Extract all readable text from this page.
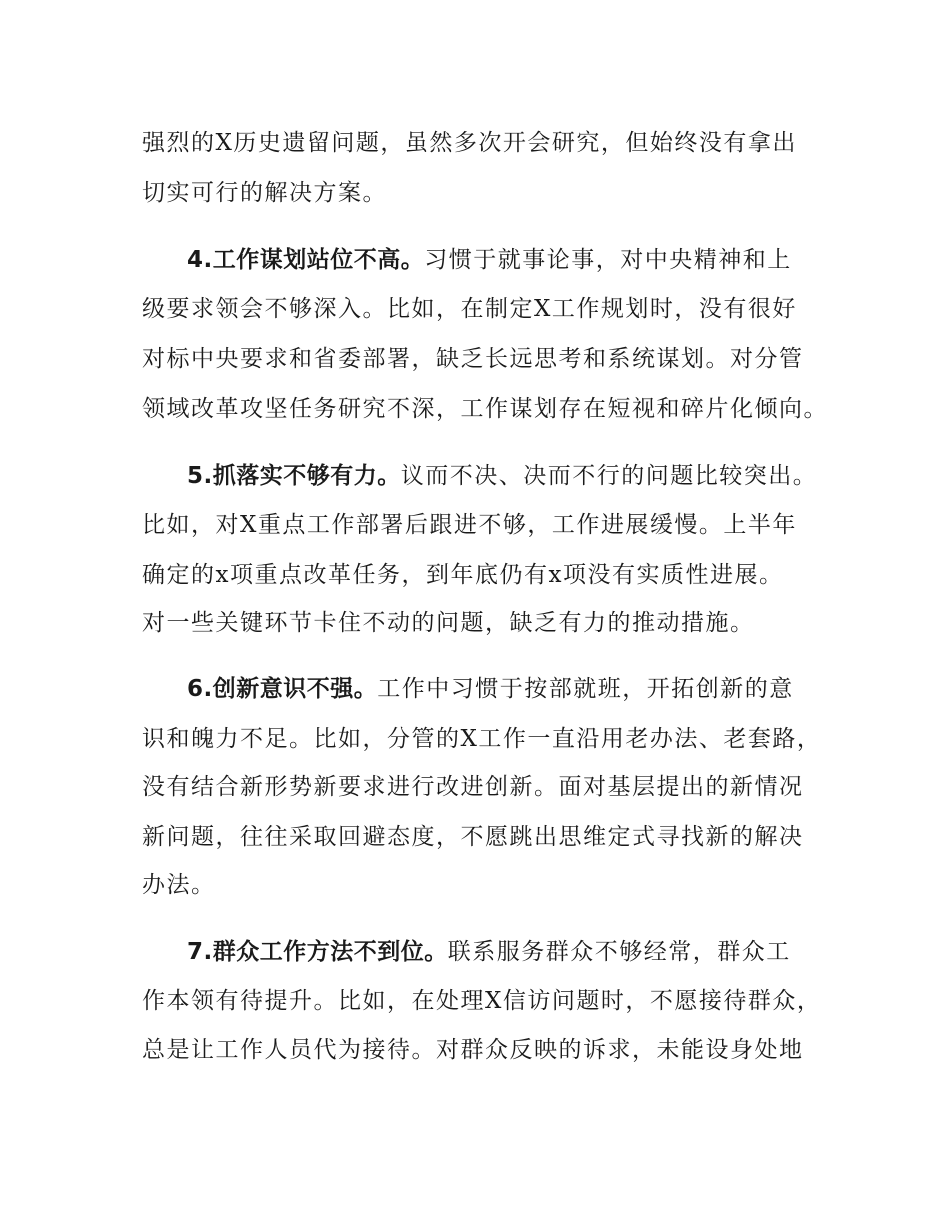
强烈的X历史遗留问题，虽然多次开会研究，但始终没有拿出
切实可行的解决方案。
4.工作谋划站位不高。习惯于就事论事，对中央精神和上
级要求领会不够深入。比如，在制定X工作规划时，没有很好
对标中央要求和省委部署，缺乏长远思考和系统谋划。对分管
领域改革攻坚任务研究不深，工作谋划存在短视和碎片化倾向。
5.抓落实不够有力。议而不决、决而不行的问题比较突出。
比如，对X重点工作部署后跟进不够，工作进展缓慢。上半年
确定的x项重点改革任务，到年底仍有x项没有实质性进展。
对一些关键环节卡住不动的问题，缺乏有力的推动措施。
6.创新意识不强。工作中习惯于按部就班，开拓创新的意
识和魄力不足。比如，分管的X工作一直沿用老办法、老套路，
没有结合新形势新要求进行改进创新。面对基层提出的新情况
新问题，往往采取回避态度，不愿跳出思维定式寻找新的解决
办法。
7.群众工作方法不到位。联系服务群众不够经常，群众工
作本领有待提升。比如，在处理X信访问题时，不愿接待群众，
总是让工作人员代为接待。对群众反映的诉求，未能设身处地
